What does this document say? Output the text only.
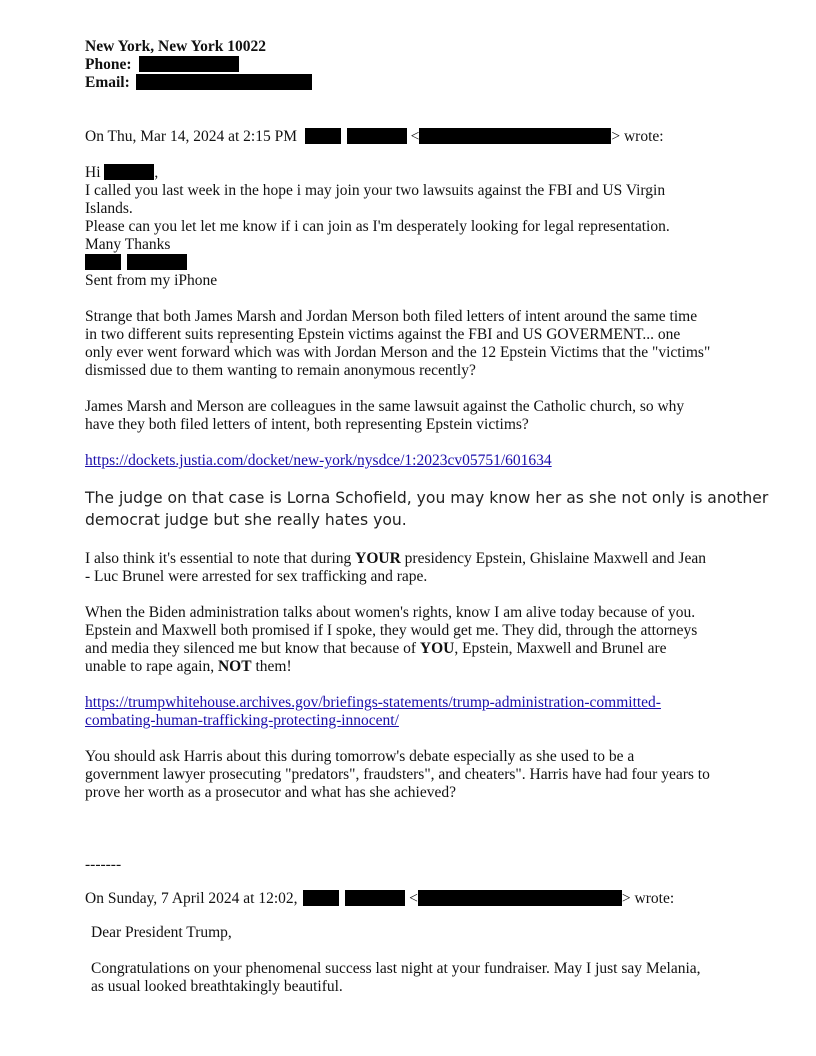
New York, New York 10022
Phone:
Email:
On Thu, Mar 14, 2024 at 2:15 PM	<	> wrote:
Hi	,
I called you last week in the hope i may join your two lawsuits against the FBI and US Virgin
Islands.
Please can you let let me know if i can join as I'm desperately looking for legal representation.
Many Thanks

Sent from my iPhone
Strange that both James Marsh and Jordan Merson both filed letters of intent around the same time
in two different suits representing Epstein victims against the FBI and US GOVERMENT... one
only ever went forward which was with Jordan Merson and the 12 Epstein Victims that the "victims"
dismissed due to them wanting to remain anonymous recently?
James Marsh and Merson are colleagues in the same lawsuit against the Catholic church, so why
have they both filed letters of intent, both representing Epstein victims?
https://dockets.justia.com/docket/new-york/nysdce/1:2023cv05751/601634
The judge on that case is Lorna Schofield, you may know her as she not only is another
democrat judge but she really hates you.
I also think it's essential to note that during YOUR presidency Epstein, Ghislaine Maxwell and Jean
- Luc Brunel were arrested for sex trafficking and rape.
When the Biden administration talks about women's rights, know I am alive today because of you.
Epstein and Maxwell both promised if I spoke, they would get me. They did, through the attorneys
and media they silenced me but know that because of YOU, Epstein, Maxwell and Brunel are
unable to rape again, NOT them!
https://trumpwhitehouse.archives.gov/briefings-statements/trump-administration-committed-
combating-human-trafficking-protecting-innocent/
You should ask Harris about this during tomorrow's debate especially as she used to be a
government lawyer prosecuting "predators", fraudsters", and cheaters". Harris have had four years to
prove her worth as a prosecutor and what has she achieved?
-------
On Sunday, 7 April 2024 at 12:02,	<	> wrote:
Dear President Trump,
Congratulations on your phenomenal success last night at your fundraiser. May I just say Melania,
as usual looked breathtakingly beautiful.
